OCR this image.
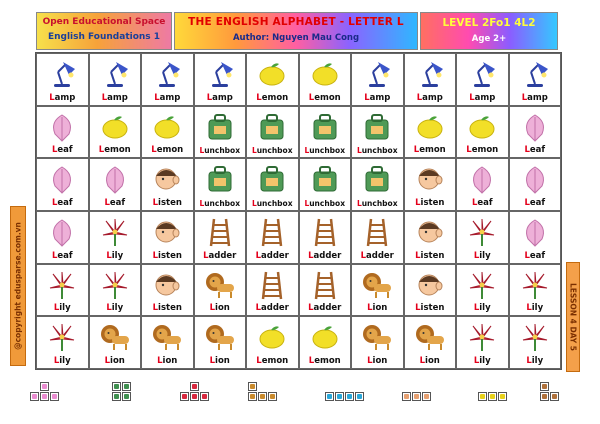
Open Educational Space
English Foundations 1
THE ENGLISH ALPHABET - LETTER L
Author: Nguyen Mau Cong
LEVEL 2Fo1 4L2
Age 2+
@copyright edusparse.com.vn	LESSON 4 DAY 5
Lamp	Lamp	Lamp	Lamp	Lemon	Lemon	Lamp	Lamp	Lamp	Lamp
Leaf	Lemon	Lemon	Lunchbox	Lunchbox	Lunchbox	Lunchbox	Lemon	Lemon	Leaf
Leaf	Leaf	Listen	Lunchbox	Lunchbox	Lunchbox	Lunchbox	Listen	Leaf	Leaf
Leaf	Lily	Listen	Ladder	Ladder	Ladder	Ladder	Listen	Lily	Leaf
Lily	Lily	Listen	Lion	Ladder	Ladder	Lion	Listen	Lily	Lily
Lily	Lion	Lion	Lion	Lemon	Lemon	Lion	Lion	Lily	Lily
